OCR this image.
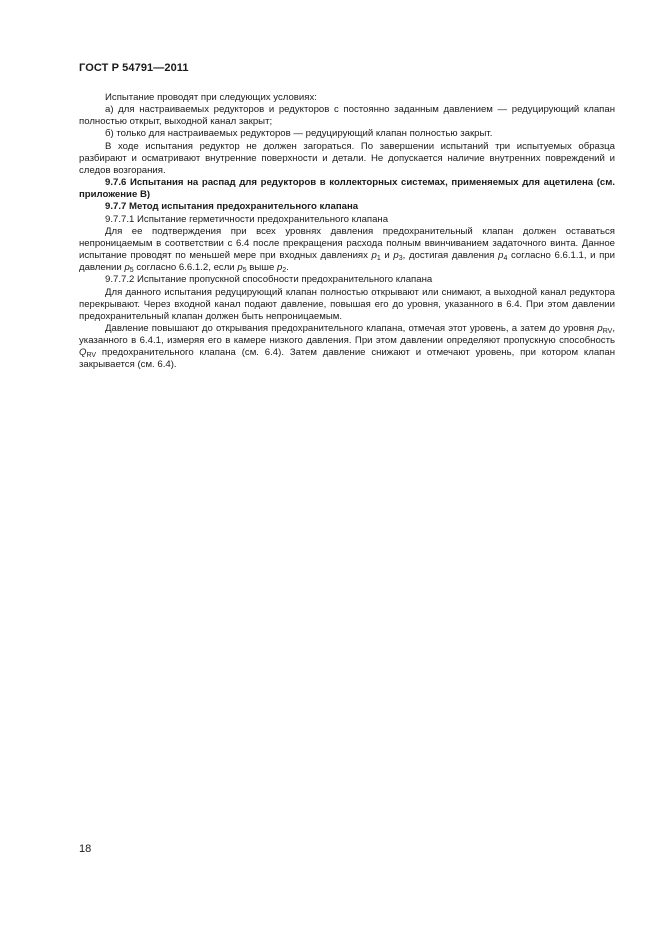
ГОСТ Р 54791—2011

Испытание проводят при следующих условиях:

а) для настраиваемых редукторов и редукторов с постоянно заданным давлением — редуцирующий клапан полностью открыт, выходной канал закрыт;

б) только для настраиваемых редукторов — редуцирующий клапан полностью закрыт.

В ходе испытания редуктор не должен загораться. По завершении испытаний три испытуемых образца разбирают и осматривают внутренние поверхности и детали. Не допускается наличие внутренних повреждений и следов возгорания.

9.7.6 Испытания на распад для редукторов в коллекторных системах, применяемых для ацетилена (см. приложение В)

9.7.7 Метод испытания предохранительного клапана

9.7.7.1 Испытание герметичности предохранительного клапана

Для ее подтверждения при всех уровнях давления предохранительный клапан должен оставаться непроницаемым в соответствии с 6.4 после прекращения расхода полным ввинчиванием задаточного винта. Данное испытание проводят по меньшей мере при входных давлениях $p_1$ и $p_3$, достигая давления $p_4$ согласно 6.6.1.1, и при давлении $p_5$ согласно 6.6.1.2, если $p_5$ выше $p_2$.

9.7.7.2 Испытание пропускной способности предохранительного клапана

Для данного испытания редуцирующий клапан полностью открывают или снимают, а выходной канал редуктора перекрывают. Через входной канал подают давление, повышая его до уровня, указанного в 6.4. При этом давлении предохранительный клапан должен быть непроницаемым.

Давление повышают до открывания предохранительного клапана, отмечая этот уровень, а затем до уровня $p_{RV}$, указанного в 6.4.1, измеряя его в камере низкого давления. При этом давлении определяют пропускную способность $Q_{RV}$ предохранительного клапана (см. 6.4). Затем давление снижают и отмечают уровень, при котором клапан закрывается (см. 6.4).

18
